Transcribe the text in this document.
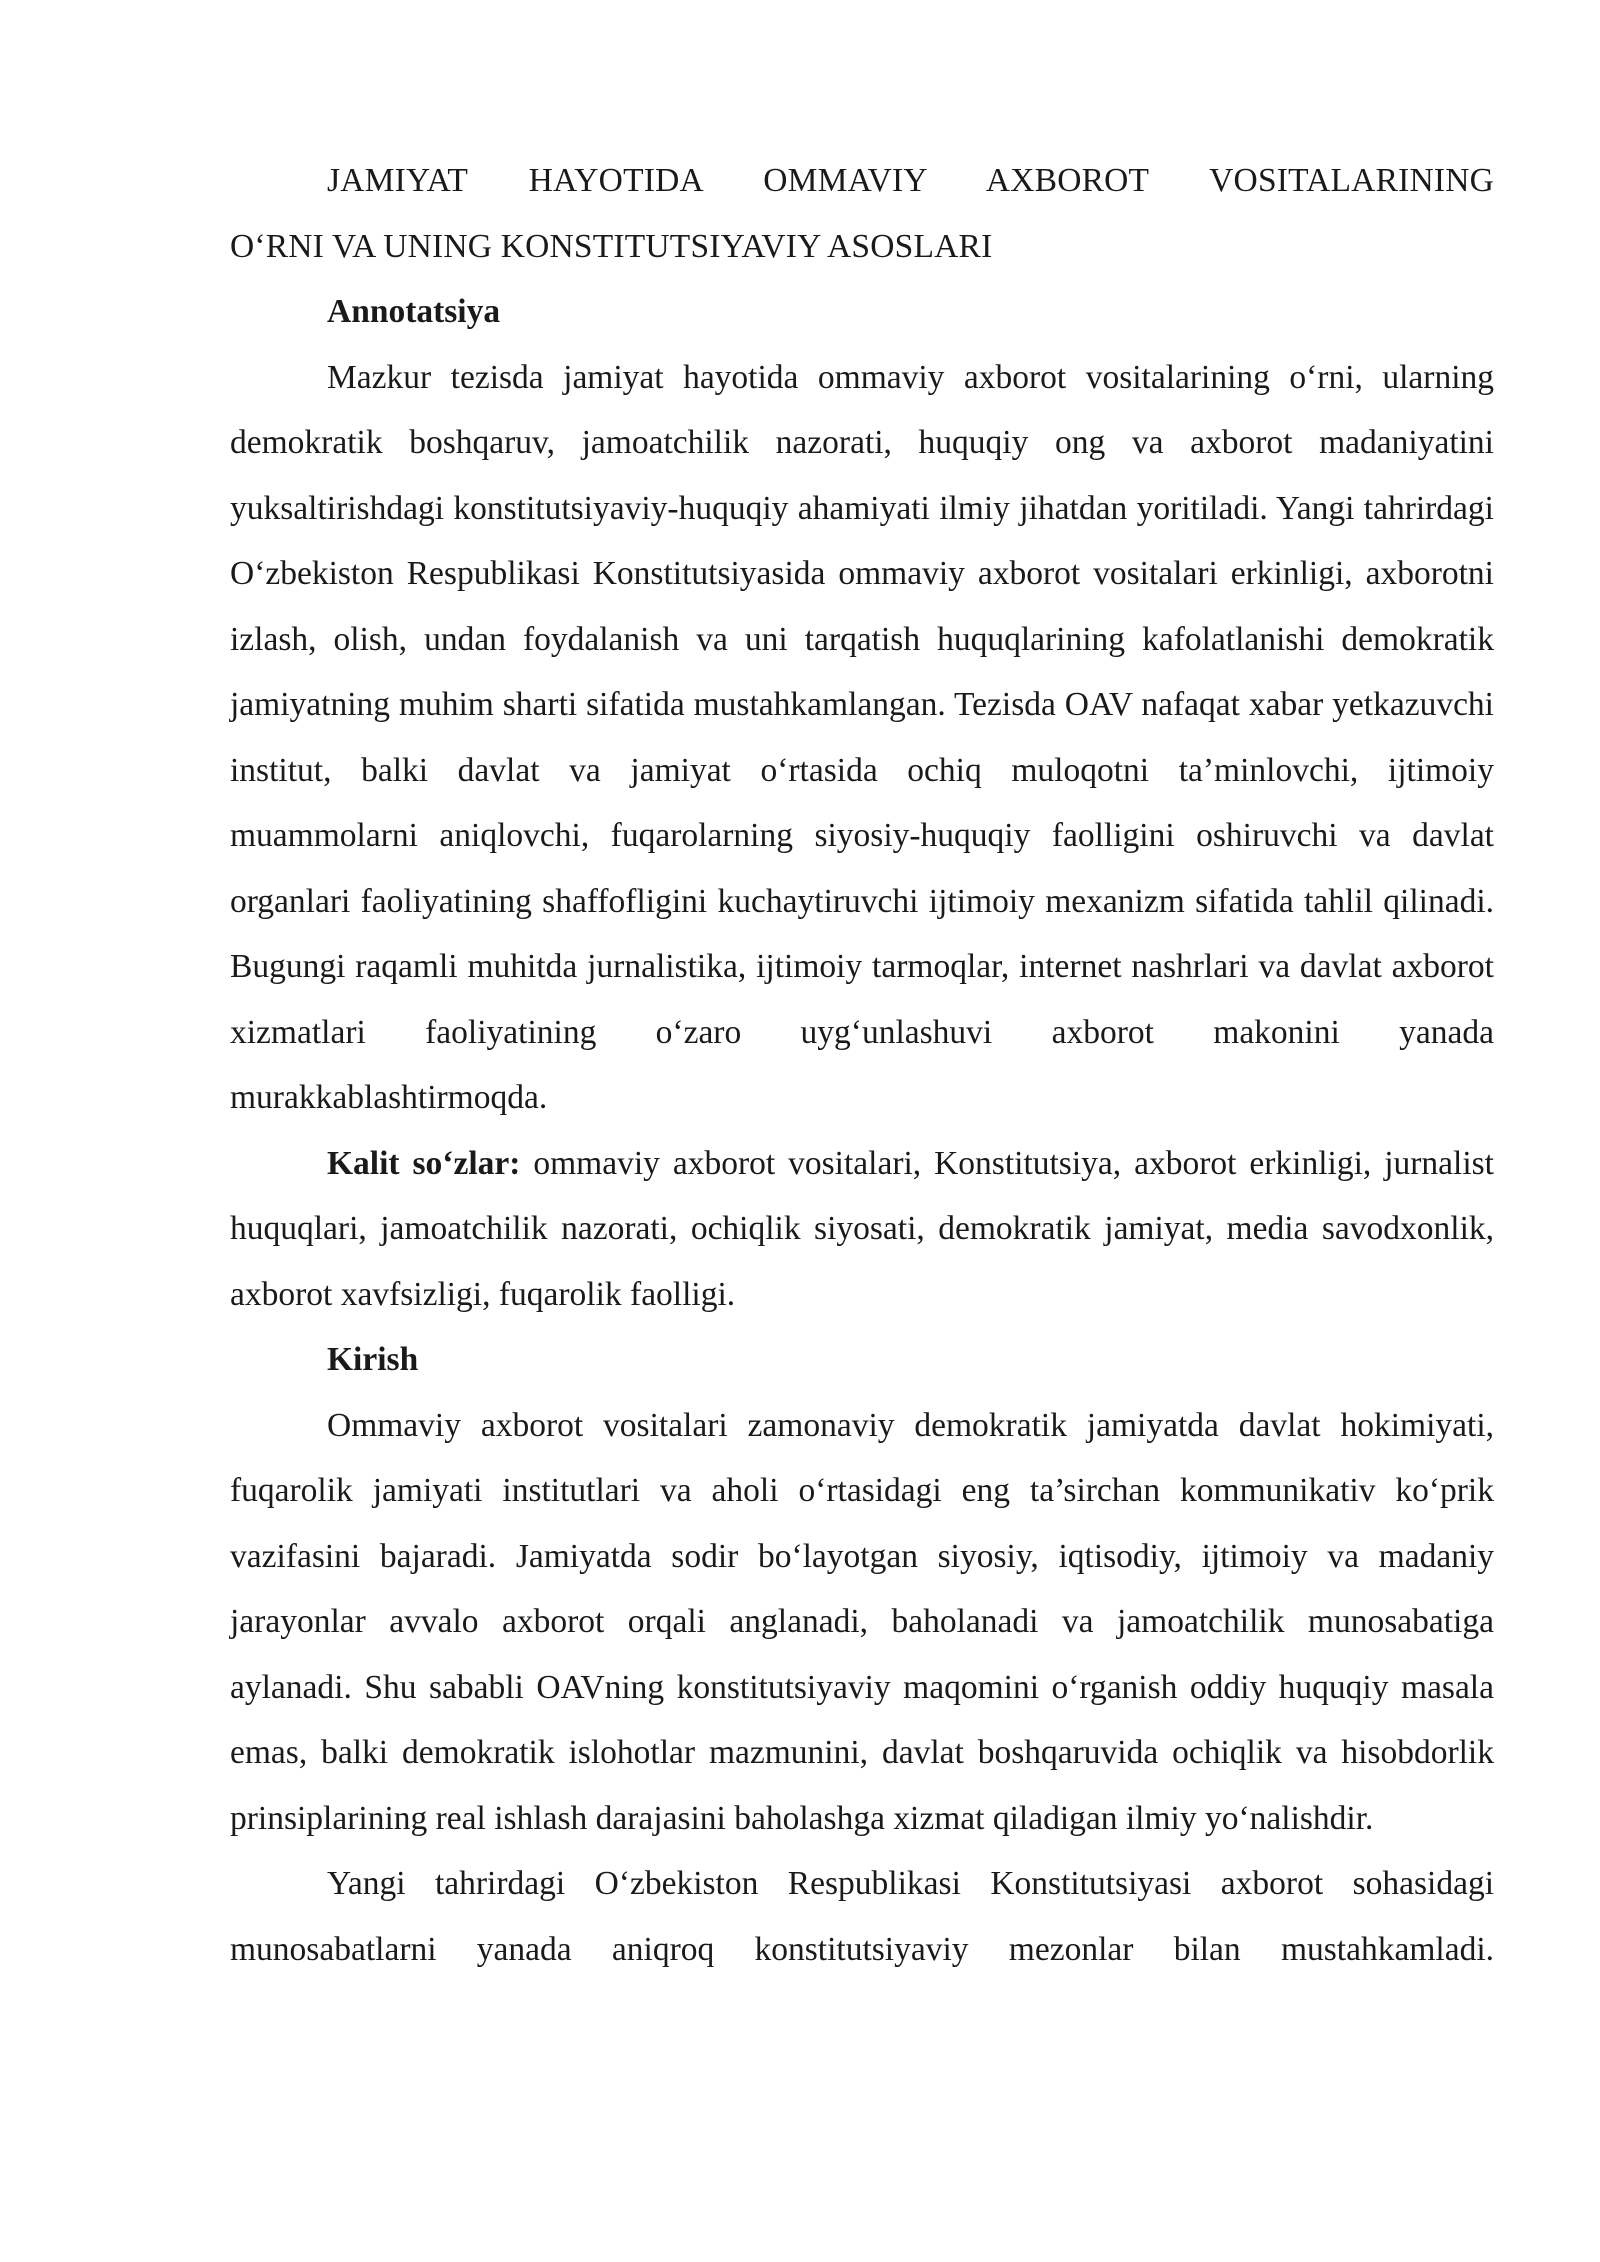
JAMIYAT HAYOTIDA OMMAVIY AXBOROT VOSITALARINING
O‘RNI VA UNING KONSTITUTSIYAVIY ASOSLARI
Annotatsiya

Mazkur tezisda jamiyat hayotida ommaviy axborot vositalarining o‘rni, ularning demokratik boshqaruv, jamoatchilik nazorati, huquqiy ong va axborot madaniyatini yuksaltirishdagi konstitutsiyaviy-huquqiy ahamiyati ilmiy jihatdan yoritiladi. Yangi tahrirdagi O‘zbekiston Respublikasi Konstitutsiyasida ommaviy axborot vositalari erkinligi, axborotni izlash, olish, undan foydalanish va uni tarqatish huquqlarining kafolatlanishi demokratik jamiyatning muhim sharti sifatida mustahkamlangan. Tezisda OAV nafaqat xabar yetkazuvchi institut, balki davlat va jamiyat o‘rtasida ochiq muloqotni ta’minlovchi, ijtimoiy muammolarni aniqlovchi, fuqarolarning siyosiy-huquqiy faolligini oshiruvchi va davlat organlari faoliyatining shaffofligini kuchaytiruvchi ijtimoiy mexanizm sifatida tahlil qilinadi. Bugungi raqamli muhitda jurnalistika, ijtimoiy tarmoqlar, internet nashrlari va davlat axborot xizmatlari faoliyatining o‘zaro uyg‘unlashuvi axborot makonini yanada murakkablashtirmoqda.

Kalit so‘zlar: ommaviy axborot vositalari, Konstitutsiya, axborot erkinligi, jurnalist huquqlari, jamoatchilik nazorati, ochiqlik siyosati, demokratik jamiyat, media savodxonlik, axborot xavfsizligi, fuqarolik faolligi.

Kirish

Ommaviy axborot vositalari zamonaviy demokratik jamiyatda davlat hokimiyati, fuqarolik jamiyati institutlari va aholi o‘rtasidagi eng ta’sirchan kommunikativ ko‘prik vazifasini bajaradi. Jamiyatda sodir bo‘layotgan siyosiy, iqtisodiy, ijtimoiy va madaniy jarayonlar avvalo axborot orqali anglanadi, baholanadi va jamoatchilik munosabatiga aylanadi. Shu sababli OAVning konstitutsiyaviy maqomini o‘rganish oddiy huquqiy masala emas, balki demokratik islohotlar mazmunini, davlat boshqaruvida ochiqlik va hisobdorlik prinsiplarining real ishlash darajasini baholashga xizmat qiladigan ilmiy yo‘nalishdir.

Yangi tahrirdagi O‘zbekiston Respublikasi Konstitutsiyasi axborot sohasidagi munosabatlarni yanada aniqroq konstitutsiyaviy mezonlar bilan mustahkamladi.
